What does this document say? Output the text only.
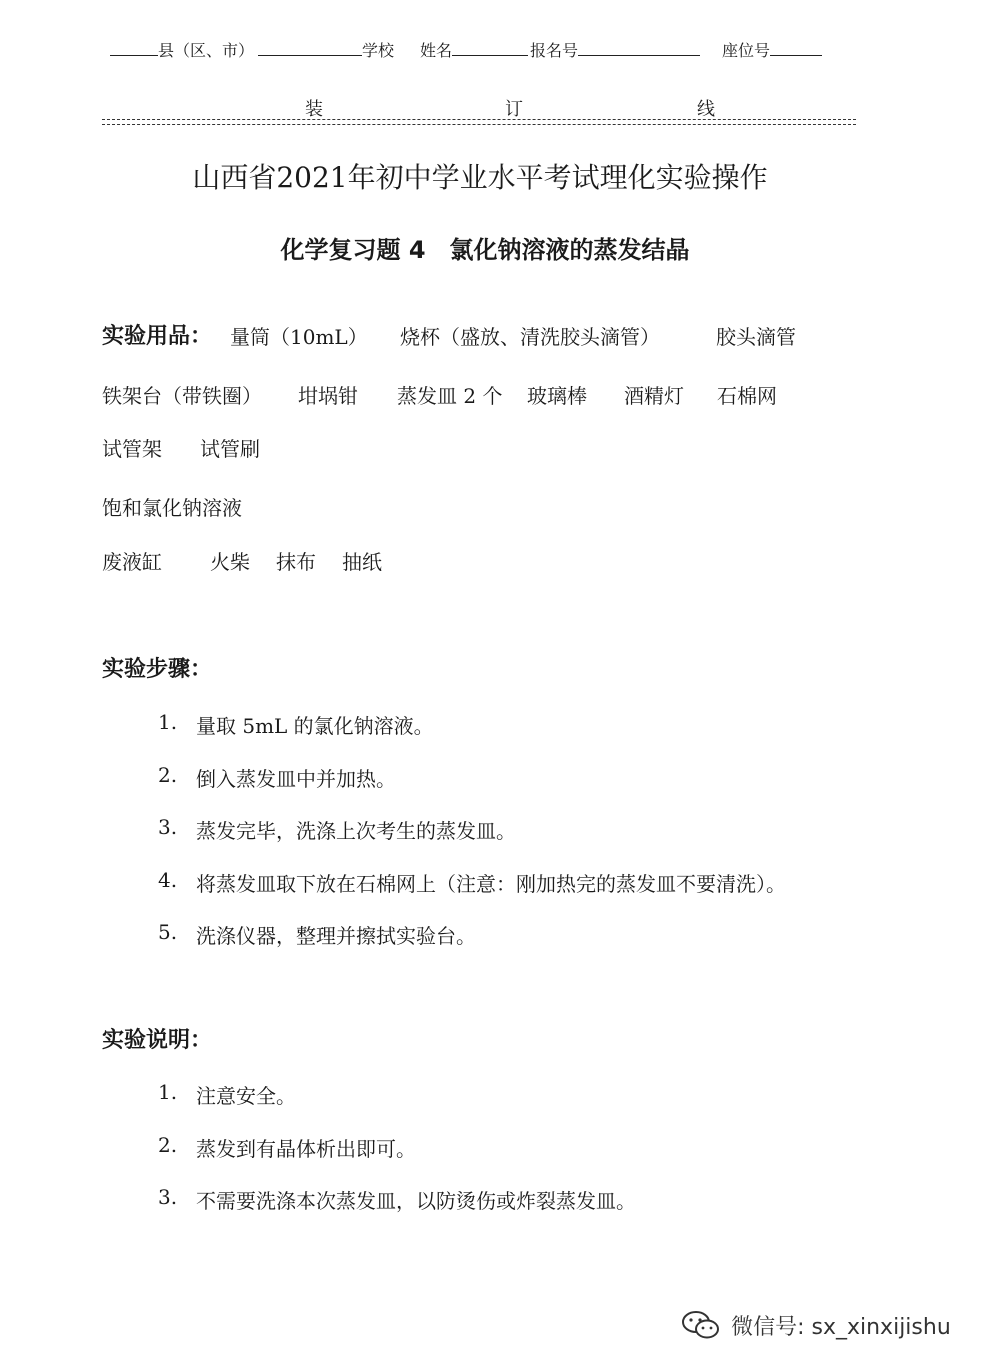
县（区、市）	学校 姓名	报名号	座位号
装	订	线
山西省2021年初中学业水平考试理化实验操作
化学复习题 4　氯化钠溶液的蒸发结晶
实验用品： 量筒（10mL） 烧杯（盛放、清洗胶头滴管）	胶头滴管
铁架台（带铁圈） 坩埚钳 蒸发皿 2 个 玻璃棒 酒精灯 石棉网
试管架 试管刷
饱和氯化钠溶液
废液缸 火柴 抹布 抽纸
实验步骤：
1. 量取 5mL 的氯化钠溶液。
2. 倒入蒸发皿中并加热。
3. 蒸发完毕，洗涤上次考生的蒸发皿。
4. 将蒸发皿取下放在石棉网上（注意：刚加热完的蒸发皿不要清洗）。
5. 洗涤仪器，整理并擦拭实验台。
实验说明：
1. 注意安全。
2. 蒸发到有晶体析出即可。
3. 不需要洗涤本次蒸发皿，以防烫伤或炸裂蒸发皿。
微信号: sx_xinxijishu
